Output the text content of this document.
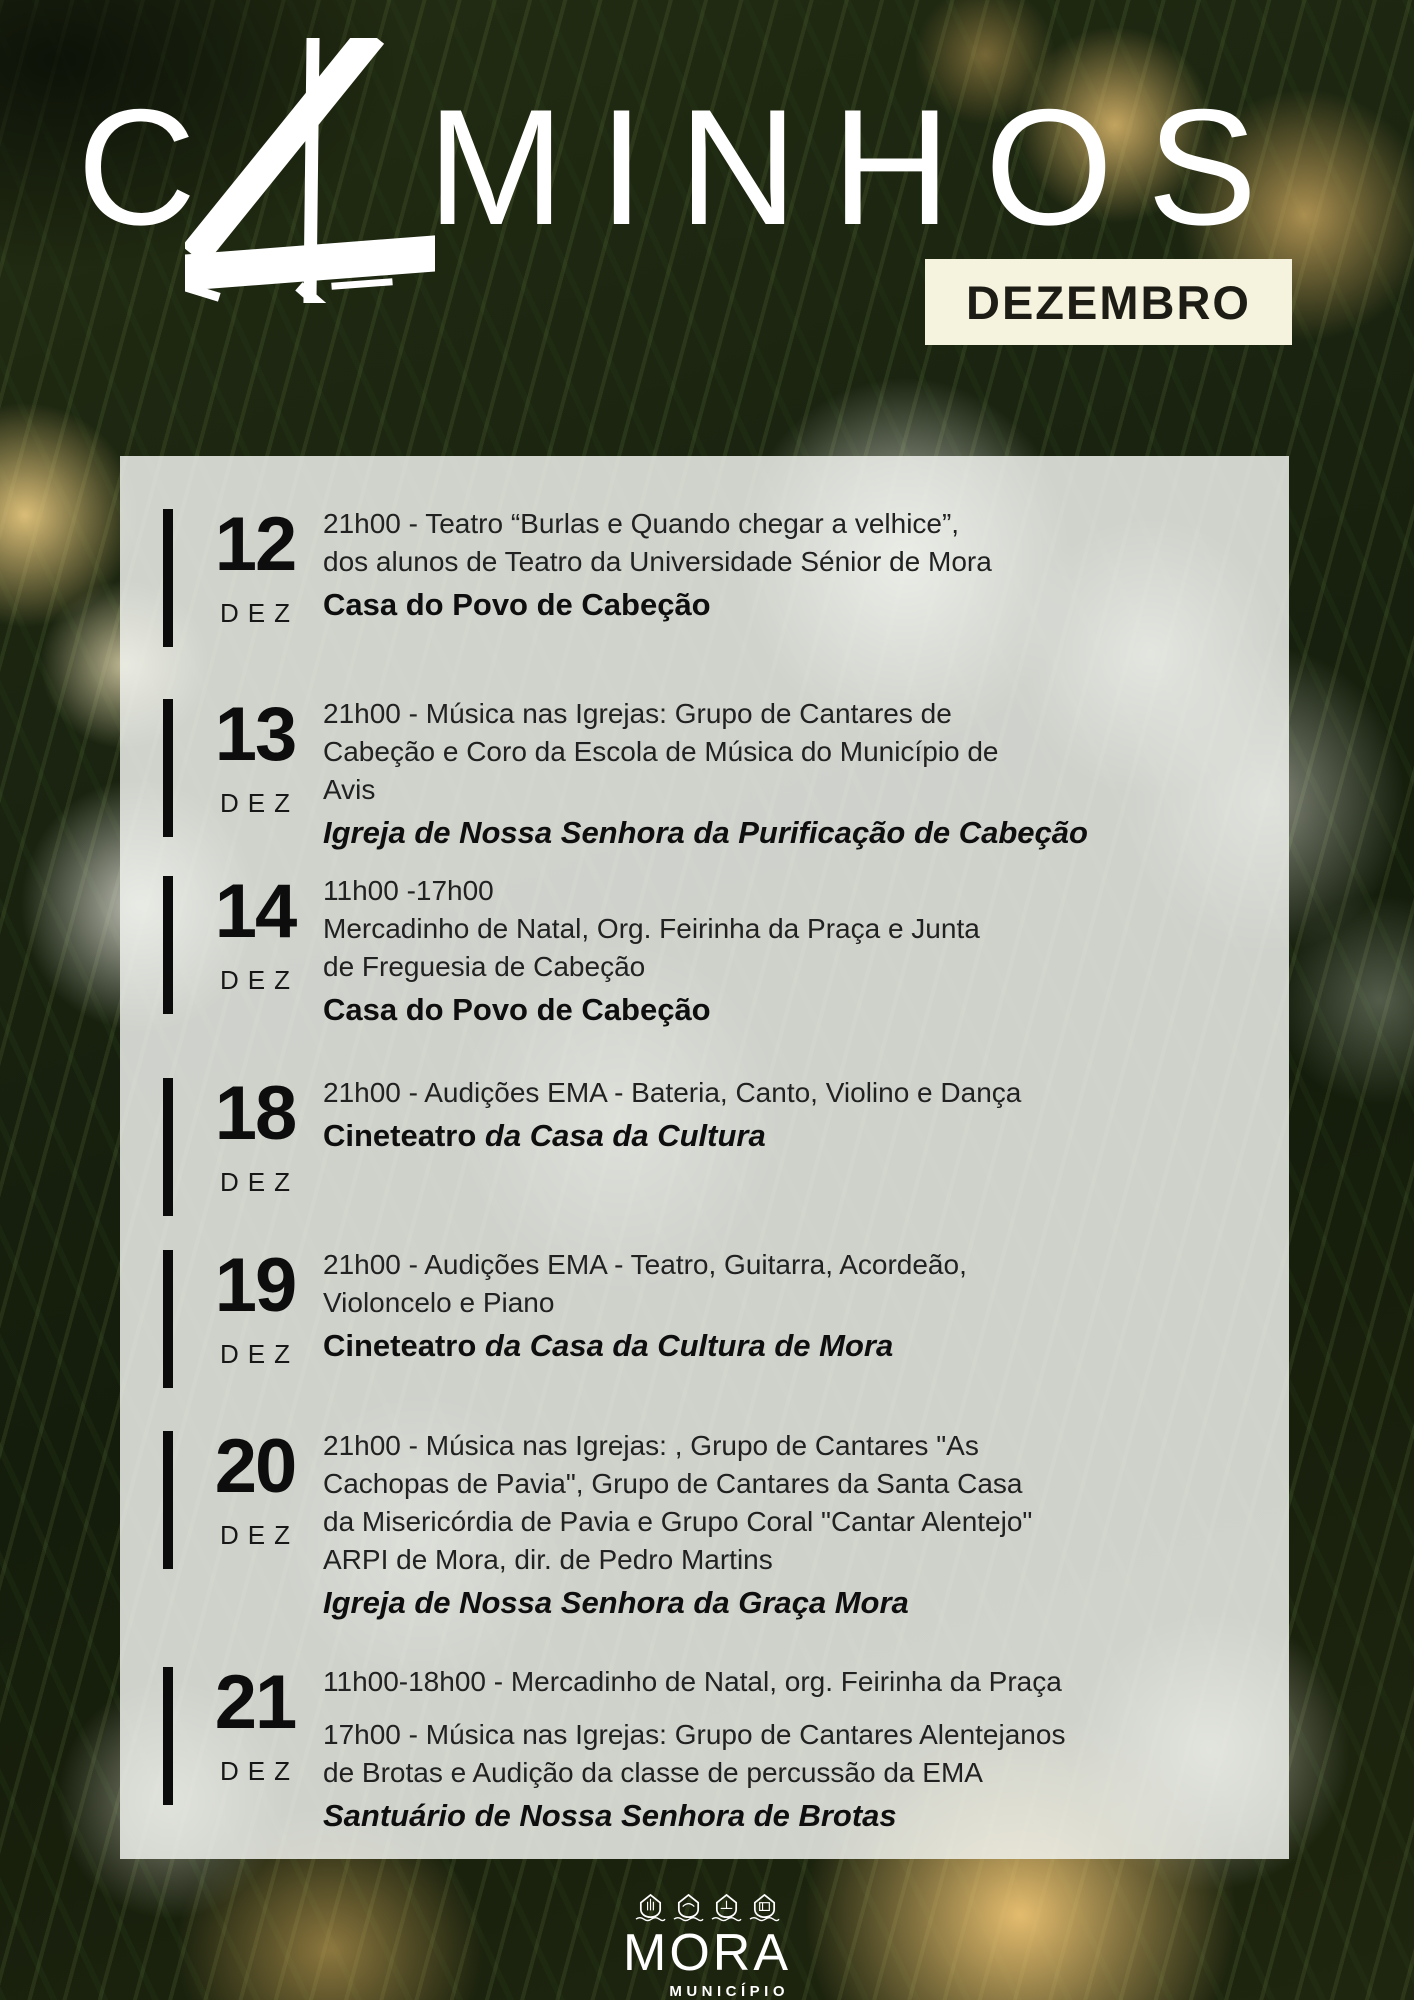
C MINHOS
DEZEMBRO
12
DEZ
21h00 - Teatro “Burlas e Quando chegar a velhice”,
dos alunos de Teatro da Universidade Sénior de Mora
Casa do Povo de Cabeção
13
DEZ
21h00 - Música nas Igrejas: Grupo de Cantares de
Cabeção e Coro da Escola de Música do Município de
Avis
Igreja de Nossa Senhora da Purificação de Cabeção
14
DEZ
11h00 -17h00
Mercadinho de Natal, Org. Feirinha da Praça e Junta
de Freguesia de Cabeção
Casa do Povo de Cabeção
18
DEZ
21h00 - Audições EMA - Bateria, Canto, Violino e Dança
Cineteatro da Casa da Cultura
19
DEZ
21h00 - Audições EMA - Teatro, Guitarra, Acordeão,
Violoncelo e Piano
Cineteatro da Casa da Cultura de Mora
20
DEZ
21h00 - Música nas Igrejas: , Grupo de Cantares "As
Cachopas de Pavia", Grupo de Cantares da Santa Casa
da Misericórdia de Pavia e Grupo Coral "Cantar Alentejo"
ARPI de Mora, dir. de Pedro Martins
Igreja de Nossa Senhora da Graça Mora
21
DEZ
11h00-18h00 - Mercadinho de Natal, org. Feirinha da Praça
17h00 - Música nas Igrejas: Grupo de Cantares Alentejanos
de Brotas e Audição da classe de percussão da EMA
Santuário de Nossa Senhora de Brotas
MORA
MUNICÍPIO
